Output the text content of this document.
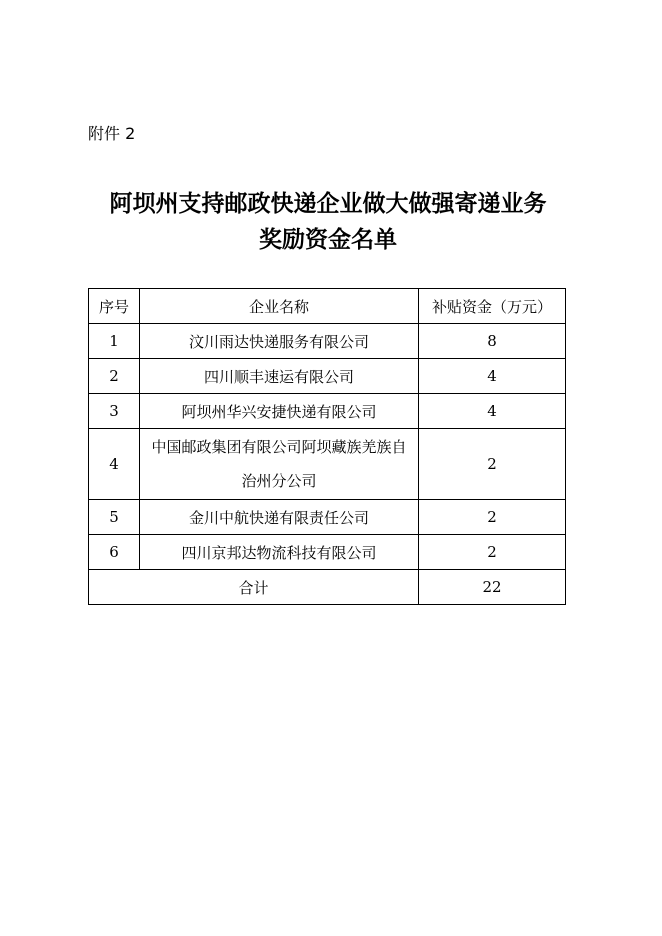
附件 2
阿坝州支持邮政快递企业做大做强寄递业务
奖励资金名单
序号	企业名称	补贴资金（万元）
1	汶川雨达快递服务有限公司	8
2	四川顺丰速运有限公司	4
3	阿坝州华兴安捷快递有限公司	4
4	中国邮政集团有限公司阿坝藏族羌族自治州分公司	2
5	金川中航快递有限责任公司	2
6	四川京邦达物流科技有限公司	2
合计		22
